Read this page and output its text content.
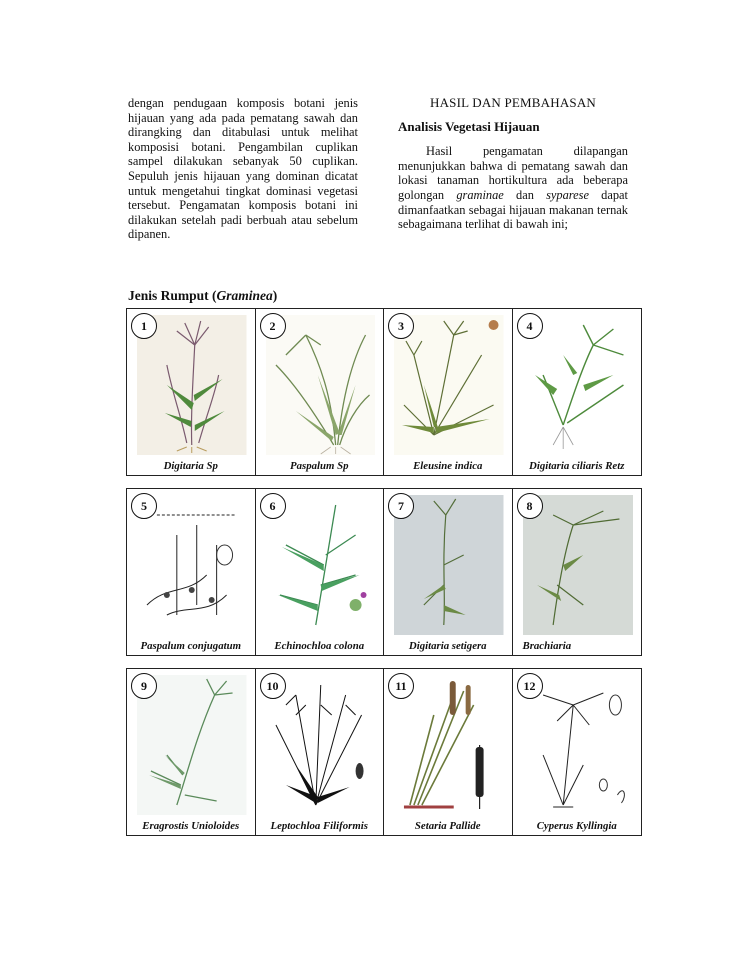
dengan pendugaan komposis botani jenis hijauan yang ada pada pematang sawah dan dirangking dan ditabulasi untuk melihat komposisi botani. Pengambilan cuplikan sampel dilakukan sebanyak 50 cuplikan. Sepuluh jenis hijauan yang dominan dicatat untuk mengetahui tingkat dominasi vegetasi tersebut. Pengamatan komposis botani ini dilakukan setelah padi berbuah atau sebelum dipanen.

HASIL DAN PEMBAHASAN

Analisis Vegetasi Hijauan

Hasil pengamatan dilapangan menunjukkan bahwa di pematang sawah dan lokasi tanaman hortikultura ada beberapa golongan graminae dan syparese dapat dimanfaatkan sebagai hijauan makanan ternak sebagaimana terlihat di bawah ini;

Jenis Rumput (Graminea)
1
Digitaria Sp
2
Paspalum Sp
3
Eleusine indica
4
Digitaria ciliaris Retz
5
Paspalum conjugatum
6
Echinochloa colona
7
Digitaria setigera
8
Brachiaria
9
Eragrostis Unioloides
10
Leptochloa Filiformis
11
Setaria Pallide
12
Cyperus Kyllingia
